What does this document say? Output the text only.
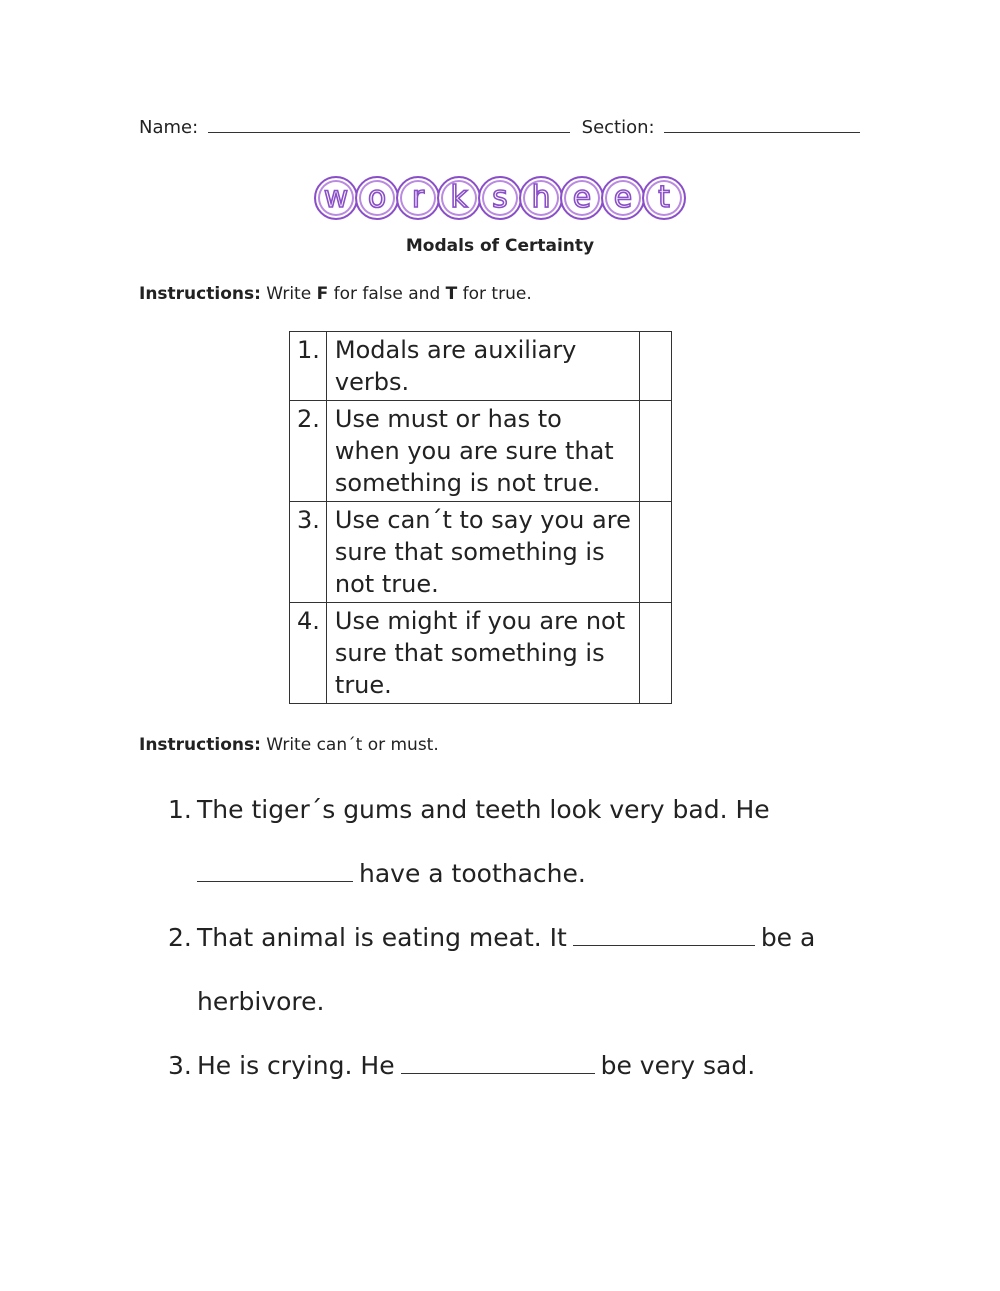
Name:	Section:
w o r k s h e e t
Modals of Certainty
Instructions: Write F for false and T for true.
1.	Modals are auxiliary verbs.	
2.	Use must or has to when you are sure that something is not true.	
3.	Use can´t to say you are sure that something is not true.	
4.	Use might if you are not sure that something is true.	
Instructions: Write can´t or must.
1. The tiger´s gums and teeth look very bad. He
have a toothache.
2. That animal is eating meat. It	be a
herbivore.
3. He is crying. He	be very sad.
